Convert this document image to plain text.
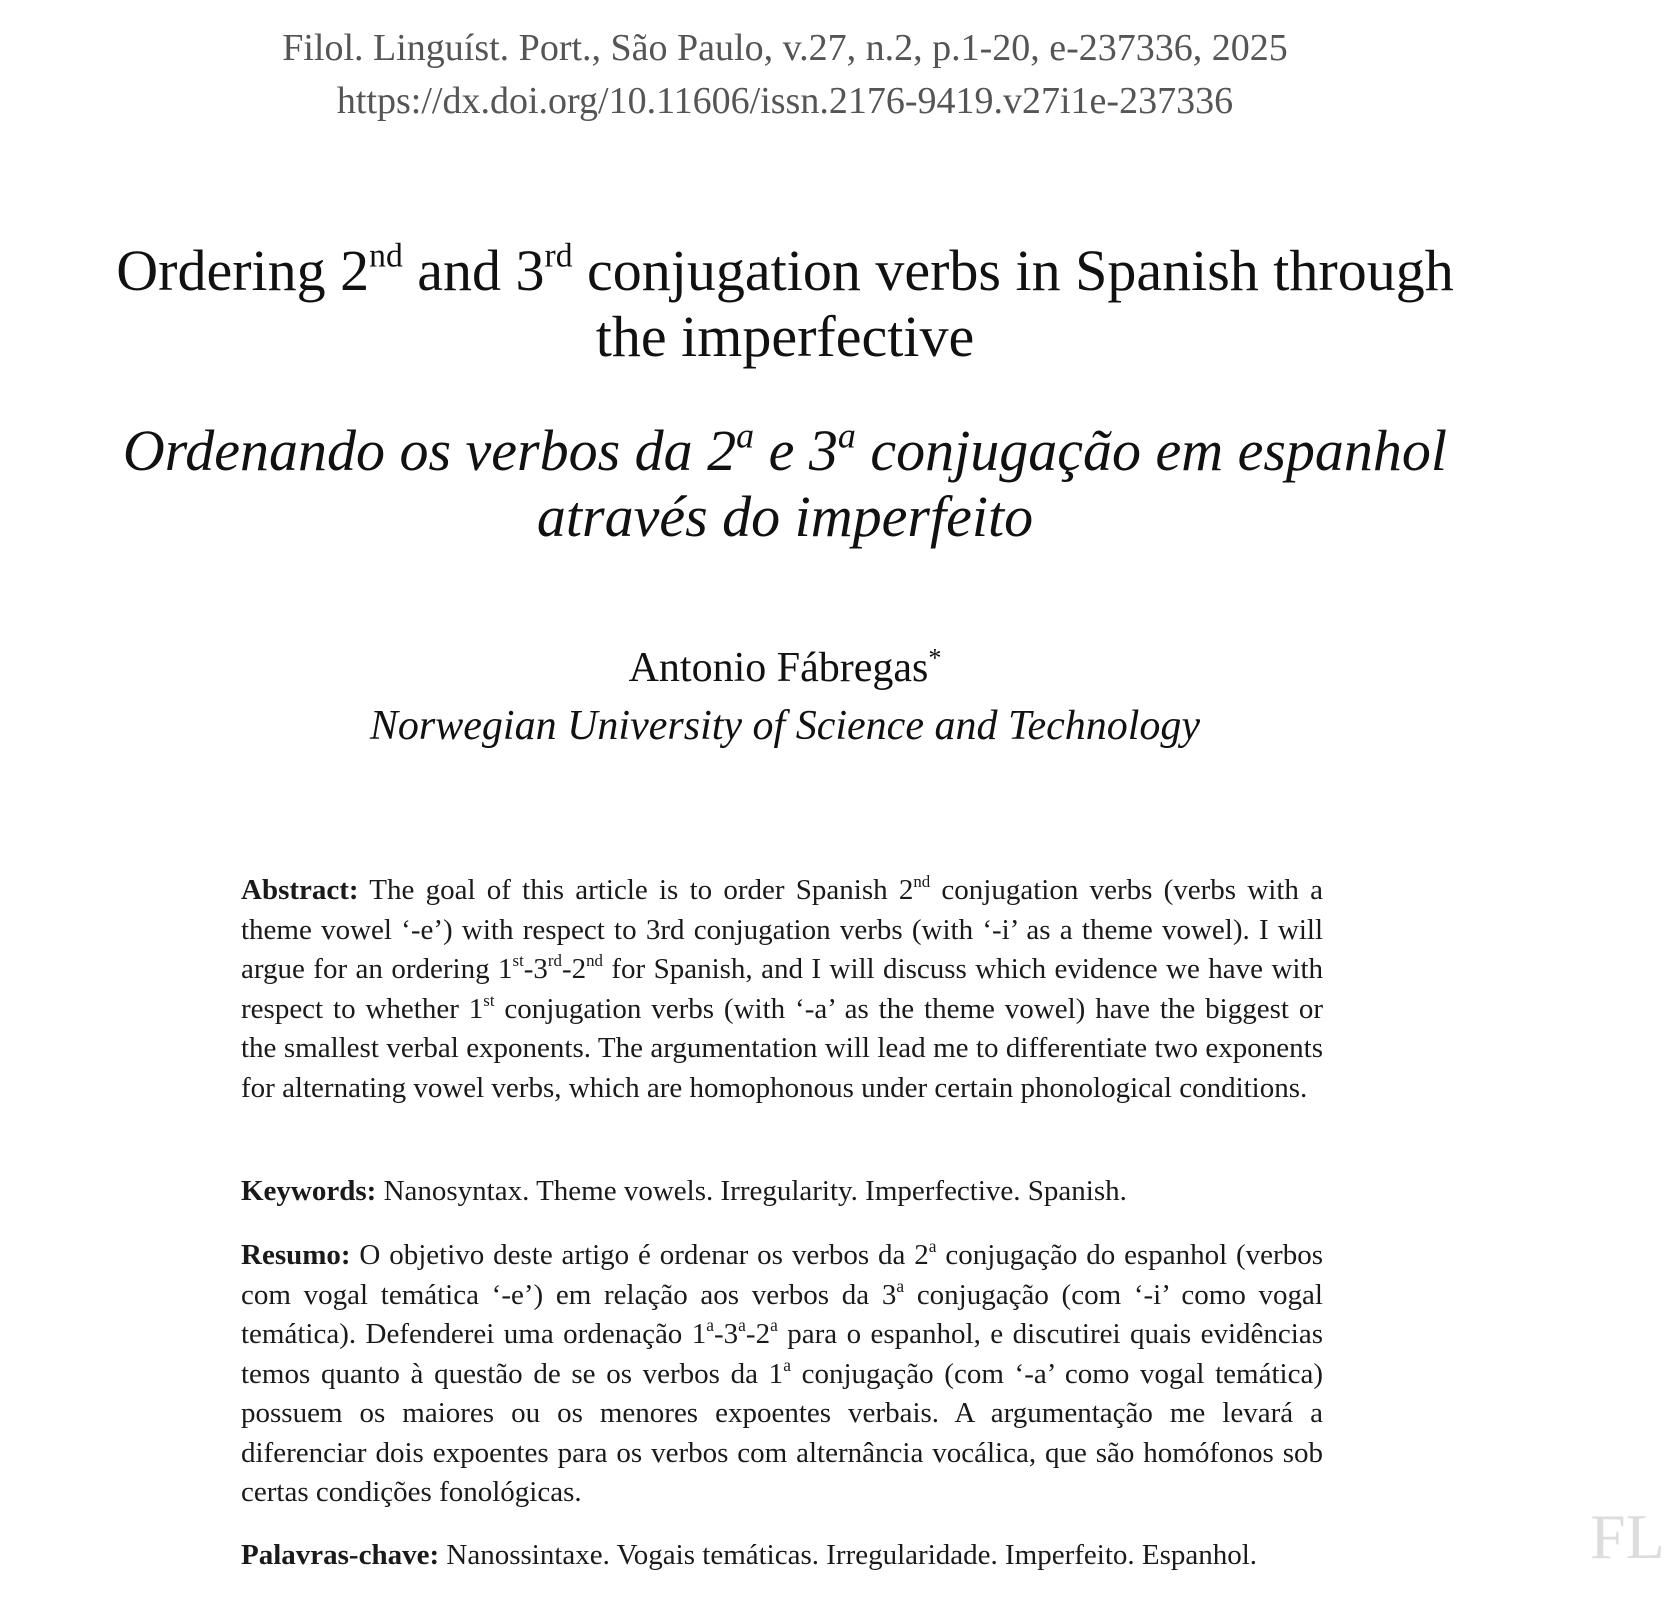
Filol. Linguíst. Port., São Paulo, v.27, n.2, p.1-20, e-237336, 2025
https://dx.doi.org/10.11606/issn.2176-9419.v27i1e-237336
Ordering 2nd and 3rd conjugation verbs in Spanish through
the imperfective
Ordenando os verbos da 2$^a$ e 3$^a$ conjugação em espanhol
através do imperfeito
Antonio Fábregas*
Norwegian University of Science and Technology
Abstract: The goal of this article is to order Spanish 2nd conjugation verbs (verbs with a theme vowel ‘-e’) with respect to 3rd conjugation verbs (with ‘-i’ as a theme vowel). I will argue for an ordering 1st-3rd-2nd for Spanish, and I will discuss which evidence we have with respect to whether 1st conjugation verbs (with ‘-a’ as the theme vowel) have the biggest or the smallest verbal exponents. The argumentation will lead me to differentiate two exponents for alternating vowel verbs, which are homophonous under certain phonological conditions.
Keywords: Nanosyntax. Theme vowels. Irregularity. Imperfective. Spanish.
Resumo: O objetivo deste artigo é ordenar os verbos da 2$^a$ conjugação do espanhol (verbos com vogal temática ‘-e’) em relação aos verbos da 3$^a$ conjugação (com ‘-i’ como vogal temática). Defenderei uma ordenação 1$^a$-3$^a$-2$^a$ para o espanhol, e discutirei quais evidências temos quanto à questão de se os verbos da 1$^a$ conjugação (com ‘-a’ como vogal temática) possuem os maiores ou os menores expoentes verbais. A argumentação me levará a diferenciar dois expoentes para os verbos com alternância vocálica, que são homófonos sob certas condições fonológicas.
Palavras-chave: Nanossintaxe. Vogais temáticas. Irregularidade. Imperfeito. Espanhol.	FL
